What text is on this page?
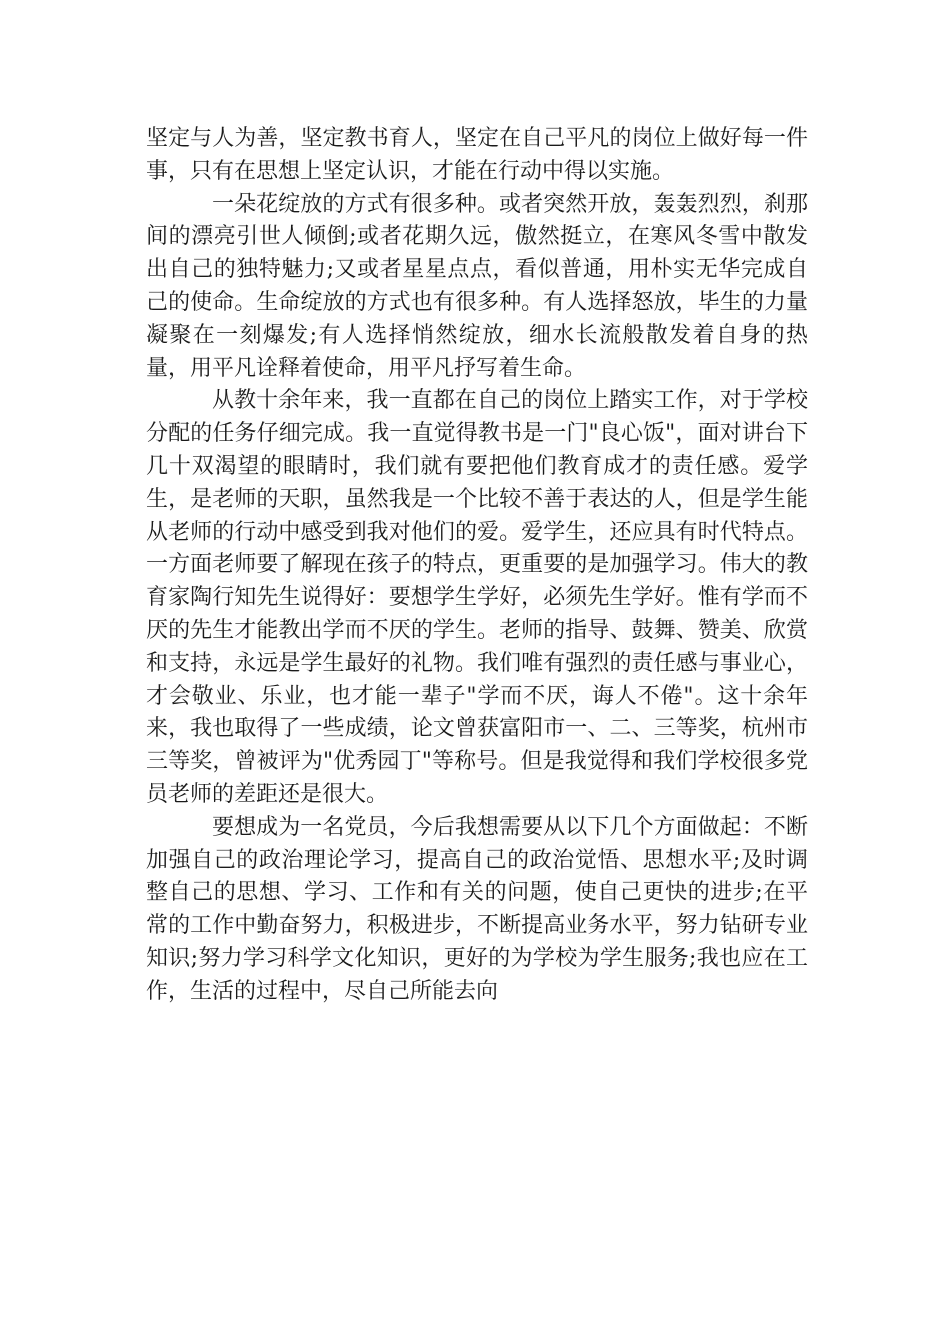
坚定与人为善，坚定教书育人，坚定在自己平凡的岗位上做好每一件事，只有在思想上坚定认识，才能在行动中得以实施。

一朵花绽放的方式有很多种。或者突然开放，轰轰烈烈，刹那间的漂亮引世人倾倒;或者花期久远，傲然挺立，在寒风冬雪中散发出自己的独特魅力;又或者星星点点，看似普通，用朴实无华完成自己的使命。生命绽放的方式也有很多种。有人选择怒放，毕生的力量凝聚在一刻爆发;有人选择悄然绽放，细水长流般散发着自身的热量，用平凡诠释着使命，用平凡抒写着生命。

从教十余年来，我一直都在自己的岗位上踏实工作，对于学校分配的任务仔细完成。我一直觉得教书是一门"良心饭"，面对讲台下几十双渴望的眼睛时，我们就有要把他们教育成才的责任感。爱学生，是老师的天职，虽然我是一个比较不善于表达的人，但是学生能从老师的行动中感受到我对他们的爱。爱学生，还应具有时代特点。一方面老师要了解现在孩子的特点，更重要的是加强学习。伟大的教育家陶行知先生说得好：要想学生学好，必须先生学好。惟有学而不厌的先生才能教出学而不厌的学生。老师的指导、鼓舞、赞美、欣赏和支持，永远是学生最好的礼物。我们唯有强烈的责任感与事业心，才会敬业、乐业，也才能一辈子"学而不厌，诲人不倦"。这十余年来，我也取得了一些成绩，论文曾获富阳市一、二、三等奖，杭州市三等奖，曾被评为"优秀园丁"等称号。但是我觉得和我们学校很多党员老师的差距还是很大。

要想成为一名党员，今后我想需要从以下几个方面做起：不断加强自己的政治理论学习，提高自己的政治觉悟、思想水平;及时调整自己的思想、学习、工作和有关的问题，使自己更快的进步;在平常的工作中勤奋努力，积极进步，不断提高业务水平，努力钻研专业知识;努力学习科学文化知识，更好的为学校为学生服务;我也应在工作，生活的过程中，尽自己所能去向
